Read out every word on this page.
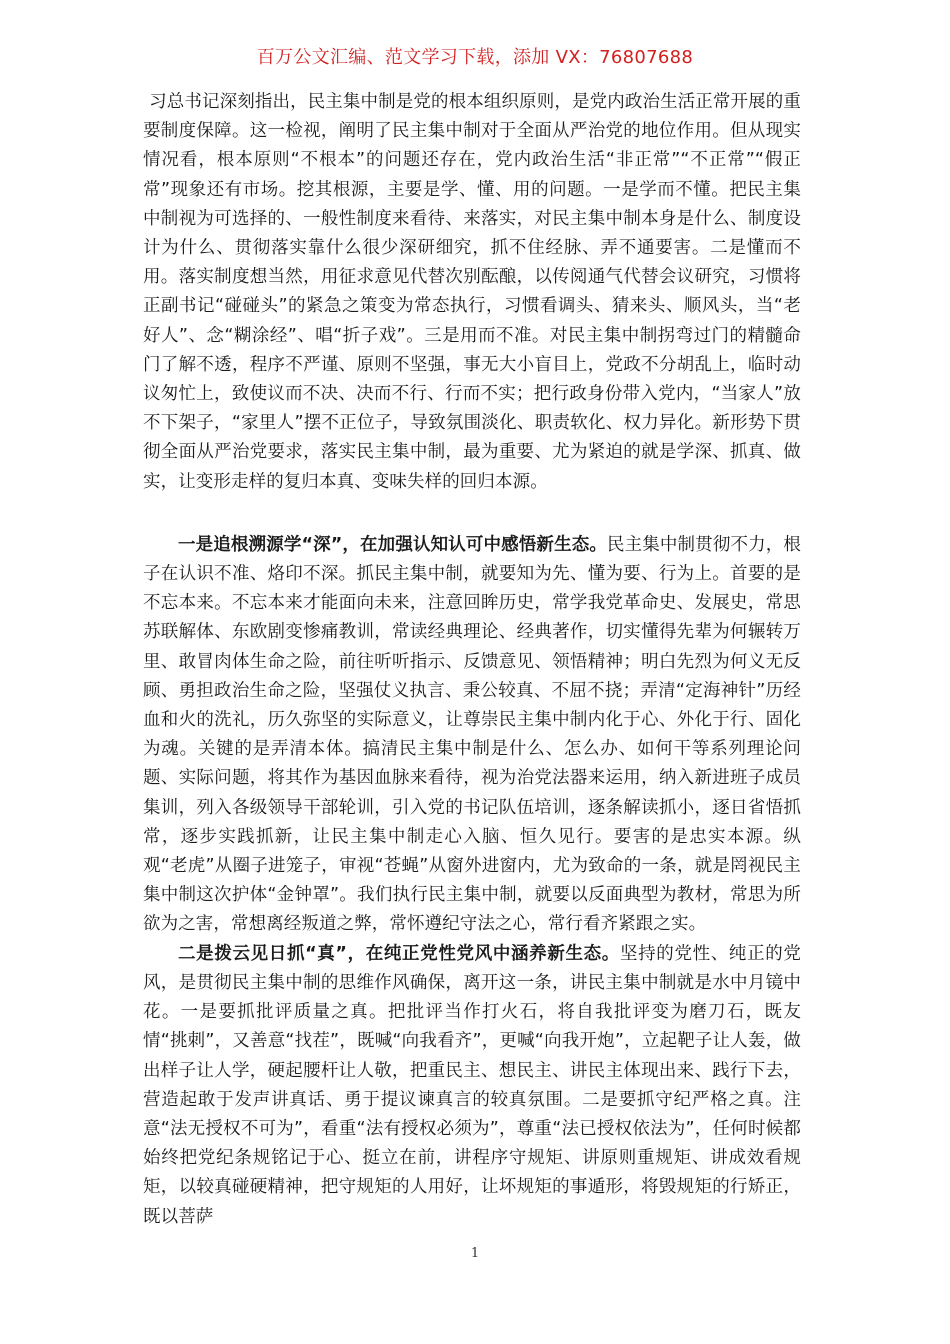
百万公文汇编、范文学习下载，添加 VX：76807688

习总书记深刻指出，民主集中制是党的根本组织原则，是党内政治生活正常开展的重要制度保障。这一检视，阐明了民主集中制对于全面从严治党的地位作用。但从现实情况看，根本原则“不根本”的问题还存在，党内政治生活“非正常”“不正常”“假正常”现象还有市场。挖其根源，主要是学、懂、用的问题。一是学而不懂。把民主集中制视为可选择的、一般性制度来看待、来落实，对民主集中制本身是什么、制度设计为什么、贯彻落实靠什么很少深研细究，抓不住经脉、弄不通要害。二是懂而不用。落实制度想当然，用征求意见代替次别酝酿，以传阅通气代替会议研究，习惯将正副书记“碰碰头”的紧急之策变为常态执行，习惯看调头、猜来头、顺风头，当“老好人”、念“糊涂经”、唱“折子戏”。三是用而不准。对民主集中制拐弯过门的精髓命门了解不透，程序不严谨、原则不坚强，事无大小盲目上，党政不分胡乱上，临时动议匆忙上，致使议而不决、决而不行、行而不实；把行政身份带入党内，“当家人”放不下架子，“家里人”摆不正位子，导致氛围淡化、职责软化、权力异化。新形势下贯彻全面从严治党要求，落实民主集中制，最为重要、尤为紧迫的就是学深、抓真、做实，让变形走样的复归本真、变味失样的回归本源。

一是追根溯源学“深”，在加强认知认可中感悟新生态。民主集中制贯彻不力，根子在认识不准、烙印不深。抓民主集中制，就要知为先、懂为要、行为上。首要的是不忘本来。不忘本来才能面向未来，注意回眸历史，常学我党革命史、发展史，常思苏联解体、东欧剧变惨痛教训，常读经典理论、经典著作，切实懂得先辈为何辗转万里、敢冒肉体生命之险，前往听听指示、反馈意见、领悟精神；明白先烈为何义无反顾、勇担政治生命之险，坚强仗义执言、秉公较真、不屈不挠；弄清“定海神针”历经血和火的洗礼，历久弥坚的实际意义，让尊崇民主集中制内化于心、外化于行、固化为魂。关键的是弄清本体。搞清民主集中制是什么、怎么办、如何干等系列理论问题、实际问题，将其作为基因血脉来看待，视为治党法器来运用，纳入新进班子成员集训，列入各级领导干部轮训，引入党的书记队伍培训，逐条解读抓小，逐日省悟抓常，逐步实践抓新，让民主集中制走心入脑、恒久见行。要害的是忠实本源。纵观“老虎”从圈子进笼子，审视“苍蝇”从窗外进窗内，尤为致命的一条，就是罔视民主集中制这次护体“金钟罩”。我们执行民主集中制，就要以反面典型为教材，常思为所欲为之害，常想离经叛道之弊，常怀遵纪守法之心，常行看齐紧跟之实。

二是拨云见日抓“真”，在纯正党性党风中涵养新生态。坚持的党性、纯正的党风，是贯彻民主集中制的思维作风确保，离开这一条，讲民主集中制就是水中月镜中花。一是要抓批评质量之真。把批评当作打火石，将自我批评变为磨刀石，既友情“挑刺”，又善意“找茬”，既喊“向我看齐”，更喊“向我开炮”，立起靶子让人轰，做出样子让人学，硬起腰杆让人敬，把重民主、想民主、讲民主体现出来、践行下去，营造起敢于发声讲真话、勇于提议谏真言的较真氛围。二是要抓守纪严格之真。注意“法无授权不可为”，看重“法有授权必须为”，尊重“法已授权依法为”，任何时候都始终把党纪条规铭记于心、挺立在前，讲程序守规矩、讲原则重规矩、讲成效看规矩，以较真碰硬精神，把守规矩的人用好，让坏规矩的事遁形，将毁规矩的行矫正，既以菩萨

1
